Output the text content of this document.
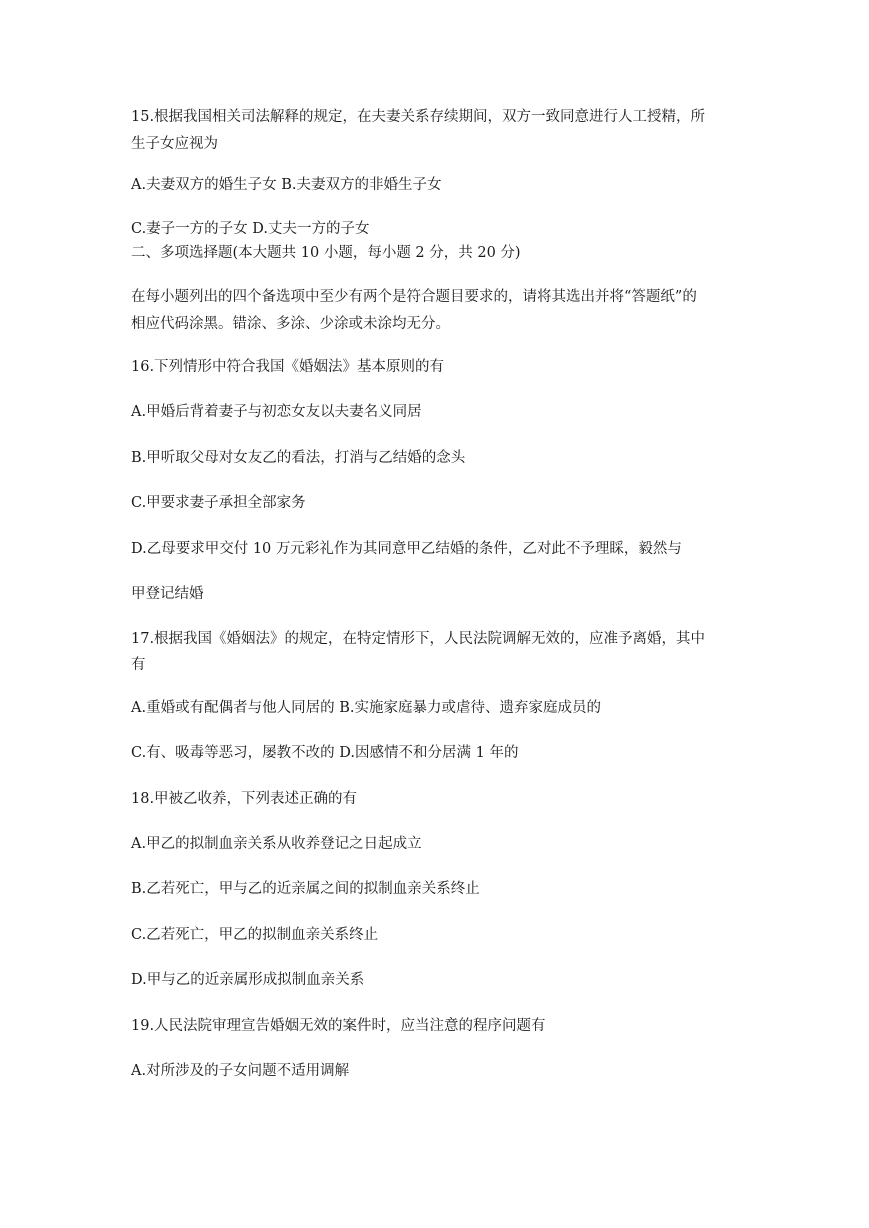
15.根据我国相关司法解释的规定，在夫妻关系存续期间，双方一致同意进行人工授精，所
生子女应视为
A.夫妻双方的婚生子女 B.夫妻双方的非婚生子女
C.妻子一方的子女 D.丈夫一方的子女
二、多项选择题(本大题共 10 小题，每小题 2 分，共 20 分)
在每小题列出的四个备选项中至少有两个是符合题目要求的，请将其选出并将“答题纸”的
相应代码涂黑。错涂、多涂、少涂或未涂均无分。
16.下列情形中符合我国《婚姻法》基本原则的有
A.甲婚后背着妻子与初恋女友以夫妻名义同居
B.甲听取父母对女友乙的看法，打消与乙结婚的念头
C.甲要求妻子承担全部家务
D.乙母要求甲交付 10 万元彩礼作为其同意甲乙结婚的条件，乙对此不予理睬，毅然与
甲登记结婚
17.根据我国《婚姻法》的规定，在特定情形下，人民法院调解无效的，应准予离婚，其中
有
A.重婚或有配偶者与他人同居的 B.实施家庭暴力或虐待、遗弃家庭成员的
C.有、吸毒等恶习，屡教不改的 D.因感情不和分居满 1 年的
18.甲被乙收养，下列表述正确的有
A.甲乙的拟制血亲关系从收养登记之日起成立
B.乙若死亡，甲与乙的近亲属之间的拟制血亲关系终止
C.乙若死亡，甲乙的拟制血亲关系终止
D.甲与乙的近亲属形成拟制血亲关系
19.人民法院审理宣告婚姻无效的案件时，应当注意的程序问题有
A.对所涉及的子女问题不适用调解
